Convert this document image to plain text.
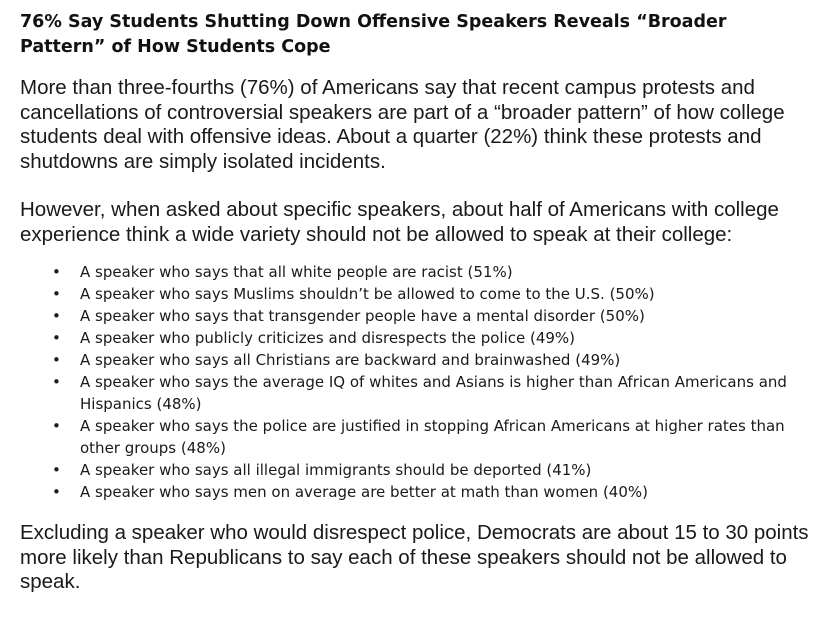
76% Say Students Shutting Down Offensive Speakers Reveals “Broader Pattern” of How Students Cope

More than three-fourths (76%) of Americans say that recent campus protests and cancellations of controversial speakers are part of a “broader pattern” of how college students deal with offensive ideas. About a quarter (22%) think these protests and shutdowns are simply isolated incidents.

However, when asked about specific speakers, about half of Americans with college experience think a wide variety should not be allowed to speak at their college:

• A speaker who says that all white people are racist (51%)
• A speaker who says Muslims shouldn’t be allowed to come to the U.S. (50%)
• A speaker who says that transgender people have a mental disorder (50%)
• A speaker who publicly criticizes and disrespects the police (49%)
• A speaker who says all Christians are backward and brainwashed (49%)
• A speaker who says the average IQ of whites and Asians is higher than African Americans and Hispanics (48%)
• A speaker who says the police are justified in stopping African Americans at higher rates than other groups (48%)
• A speaker who says all illegal immigrants should be deported (41%)
• A speaker who says men on average are better at math than women (40%)

Excluding a speaker who would disrespect police, Democrats are about 15 to 30 points more likely than Republicans to say each of these speakers should not be allowed to speak.
